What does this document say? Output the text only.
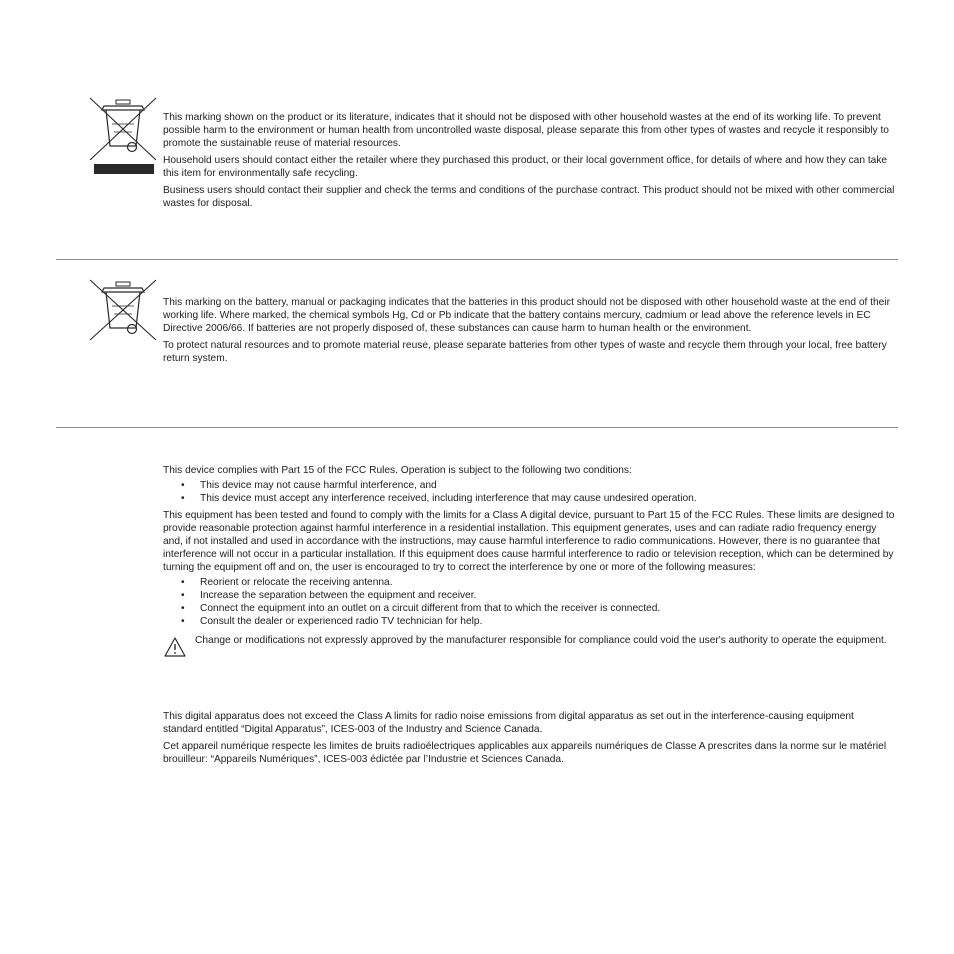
This marking shown on the product or its literature, indicates that it should not be disposed with other household wastes at the end of its working life. To prevent possible harm to the environment or human health from uncontrolled waste disposal, please separate this from other types of wastes and recycle it responsibly to promote the sustainable reuse of material resources.

Household users should contact either the retailer where they purchased this product, or their local government office, for details of where and how they can take this item for environmentally safe recycling.

Business users should contact their supplier and check the terms and conditions of the purchase contract. This product should not be mixed with other commercial wastes for disposal.

This marking on the battery, manual or packaging indicates that the batteries in this product should not be disposed with other household waste at the end of their working life. Where marked, the chemical symbols Hg, Cd or Pb indicate that the battery contains mercury, cadmium or lead above the reference levels in EC Directive 2006/66. If batteries are not properly disposed of, these substances can cause harm to human health or the environment.

To protect natural resources and to promote material reuse, please separate batteries from other types of waste and recycle them through your local, free battery return system.

This device complies with Part 15 of the FCC Rules. Operation is subject to the following two conditions:

• This device may not cause harmful interference, and
• This device must accept any interference received, including interference that may cause undesired operation.

This equipment has been tested and found to comply with the limits for a Class A digital device, pursuant to Part 15 of the FCC Rules. These limits are designed to provide reasonable protection against harmful interference in a residential installation. This equipment generates, uses and can radiate radio frequency energy and, if not installed and used in accordance with the instructions, may cause harmful interference to radio communications. However, there is no guarantee that interference will not occur in a particular installation. If this equipment does cause harmful interference to radio or television reception, which can be determined by turning the equipment off and on, the user is encouraged to try to correct the interference by one or more of the following measures:

• Reorient or relocate the receiving antenna.
• Increase the separation between the equipment and receiver.
• Connect the equipment into an outlet on a circuit different from that to which the receiver is connected.
• Consult the dealer or experienced radio TV technician for help.
Change or modifications not expressly approved by the manufacturer responsible for compliance could void the user's authority to operate the equipment.

This digital apparatus does not exceed the Class A limits for radio noise emissions from digital apparatus as set out in the interference-causing equipment standard entitled “Digital Apparatus”, ICES-003 of the Industry and Science Canada.

Cet appareil numérique respecte les limites de bruits radioélectriques applicables aux appareils numériques de Classe A prescrites dans la norme sur le matériel brouilleur: “Appareils Numériques”, ICES-003 édictée par l’Industrie et Sciences Canada.
